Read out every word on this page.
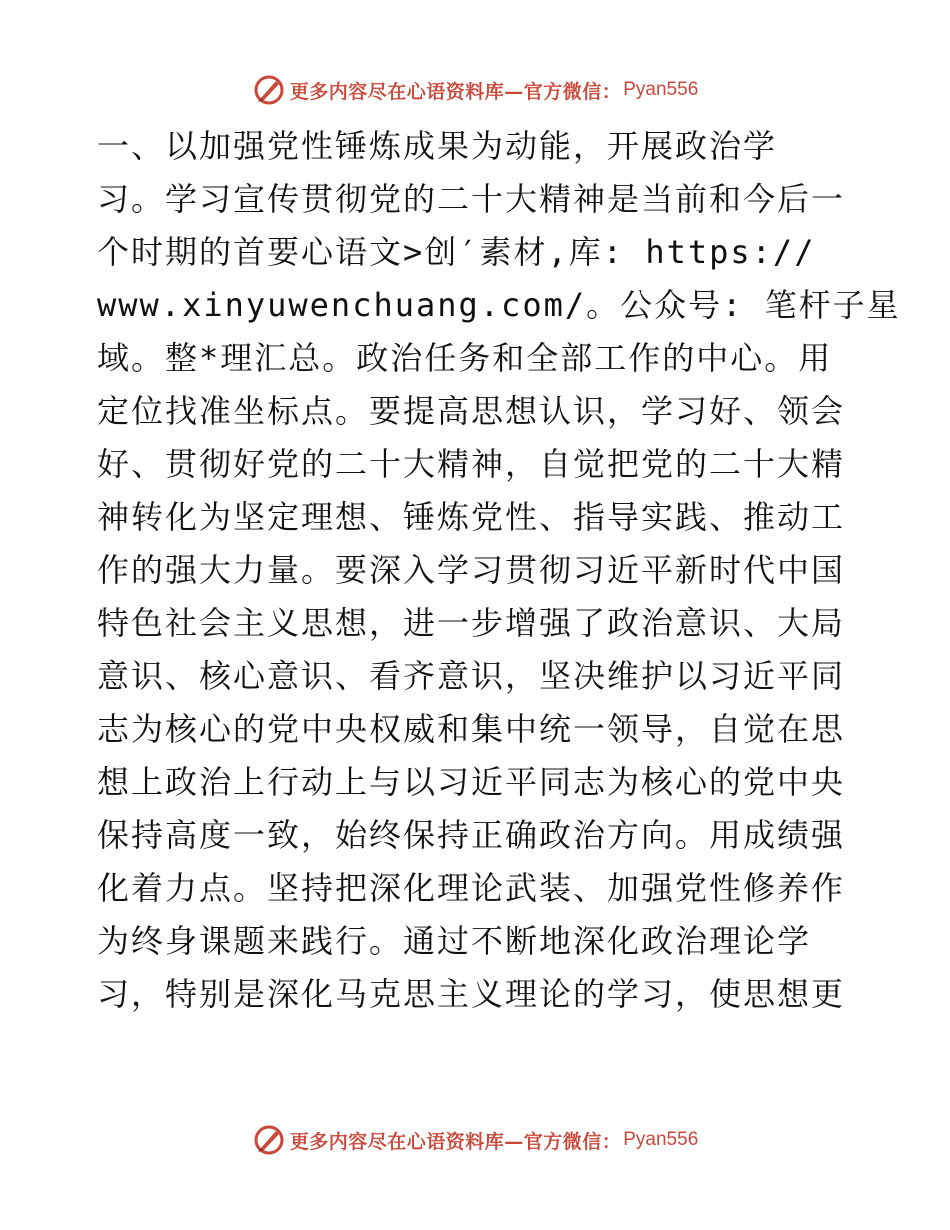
更多内容尽在心语资料库—官方微信： Pyan556
一、以加强党性锤炼成果为动能，开展政治学
习。学习宣传贯彻党的二十大精神是当前和今后一
个时期的首要心语文>创′素材,库: https://
www.xinyuwenchuang.com/。公众号: 笔杆子星
域。整*理汇总。政治任务和全部工作的中心。用
定位找准坐标点。要提高思想认识，学习好、领会
好、贯彻好党的二十大精神，自觉把党的二十大精
神转化为坚定理想、锤炼党性、指导实践、推动工
作的强大力量。要深入学习贯彻习近平新时代中国
特色社会主义思想，进一步增强了政治意识、大局
意识、核心意识、看齐意识，坚决维护以习近平同
志为核心的党中央权威和集中统一领导，自觉在思
想上政治上行动上与以习近平同志为核心的党中央
保持高度一致，始终保持正确政治方向。用成绩强
化着力点。坚持把深化理论武装、加强党性修养作
为终身课题来践行。通过不断地深化政治理论学
习，特别是深化马克思主义理论的学习，使思想更
更多内容尽在心语资料库—官方微信： Pyan556
